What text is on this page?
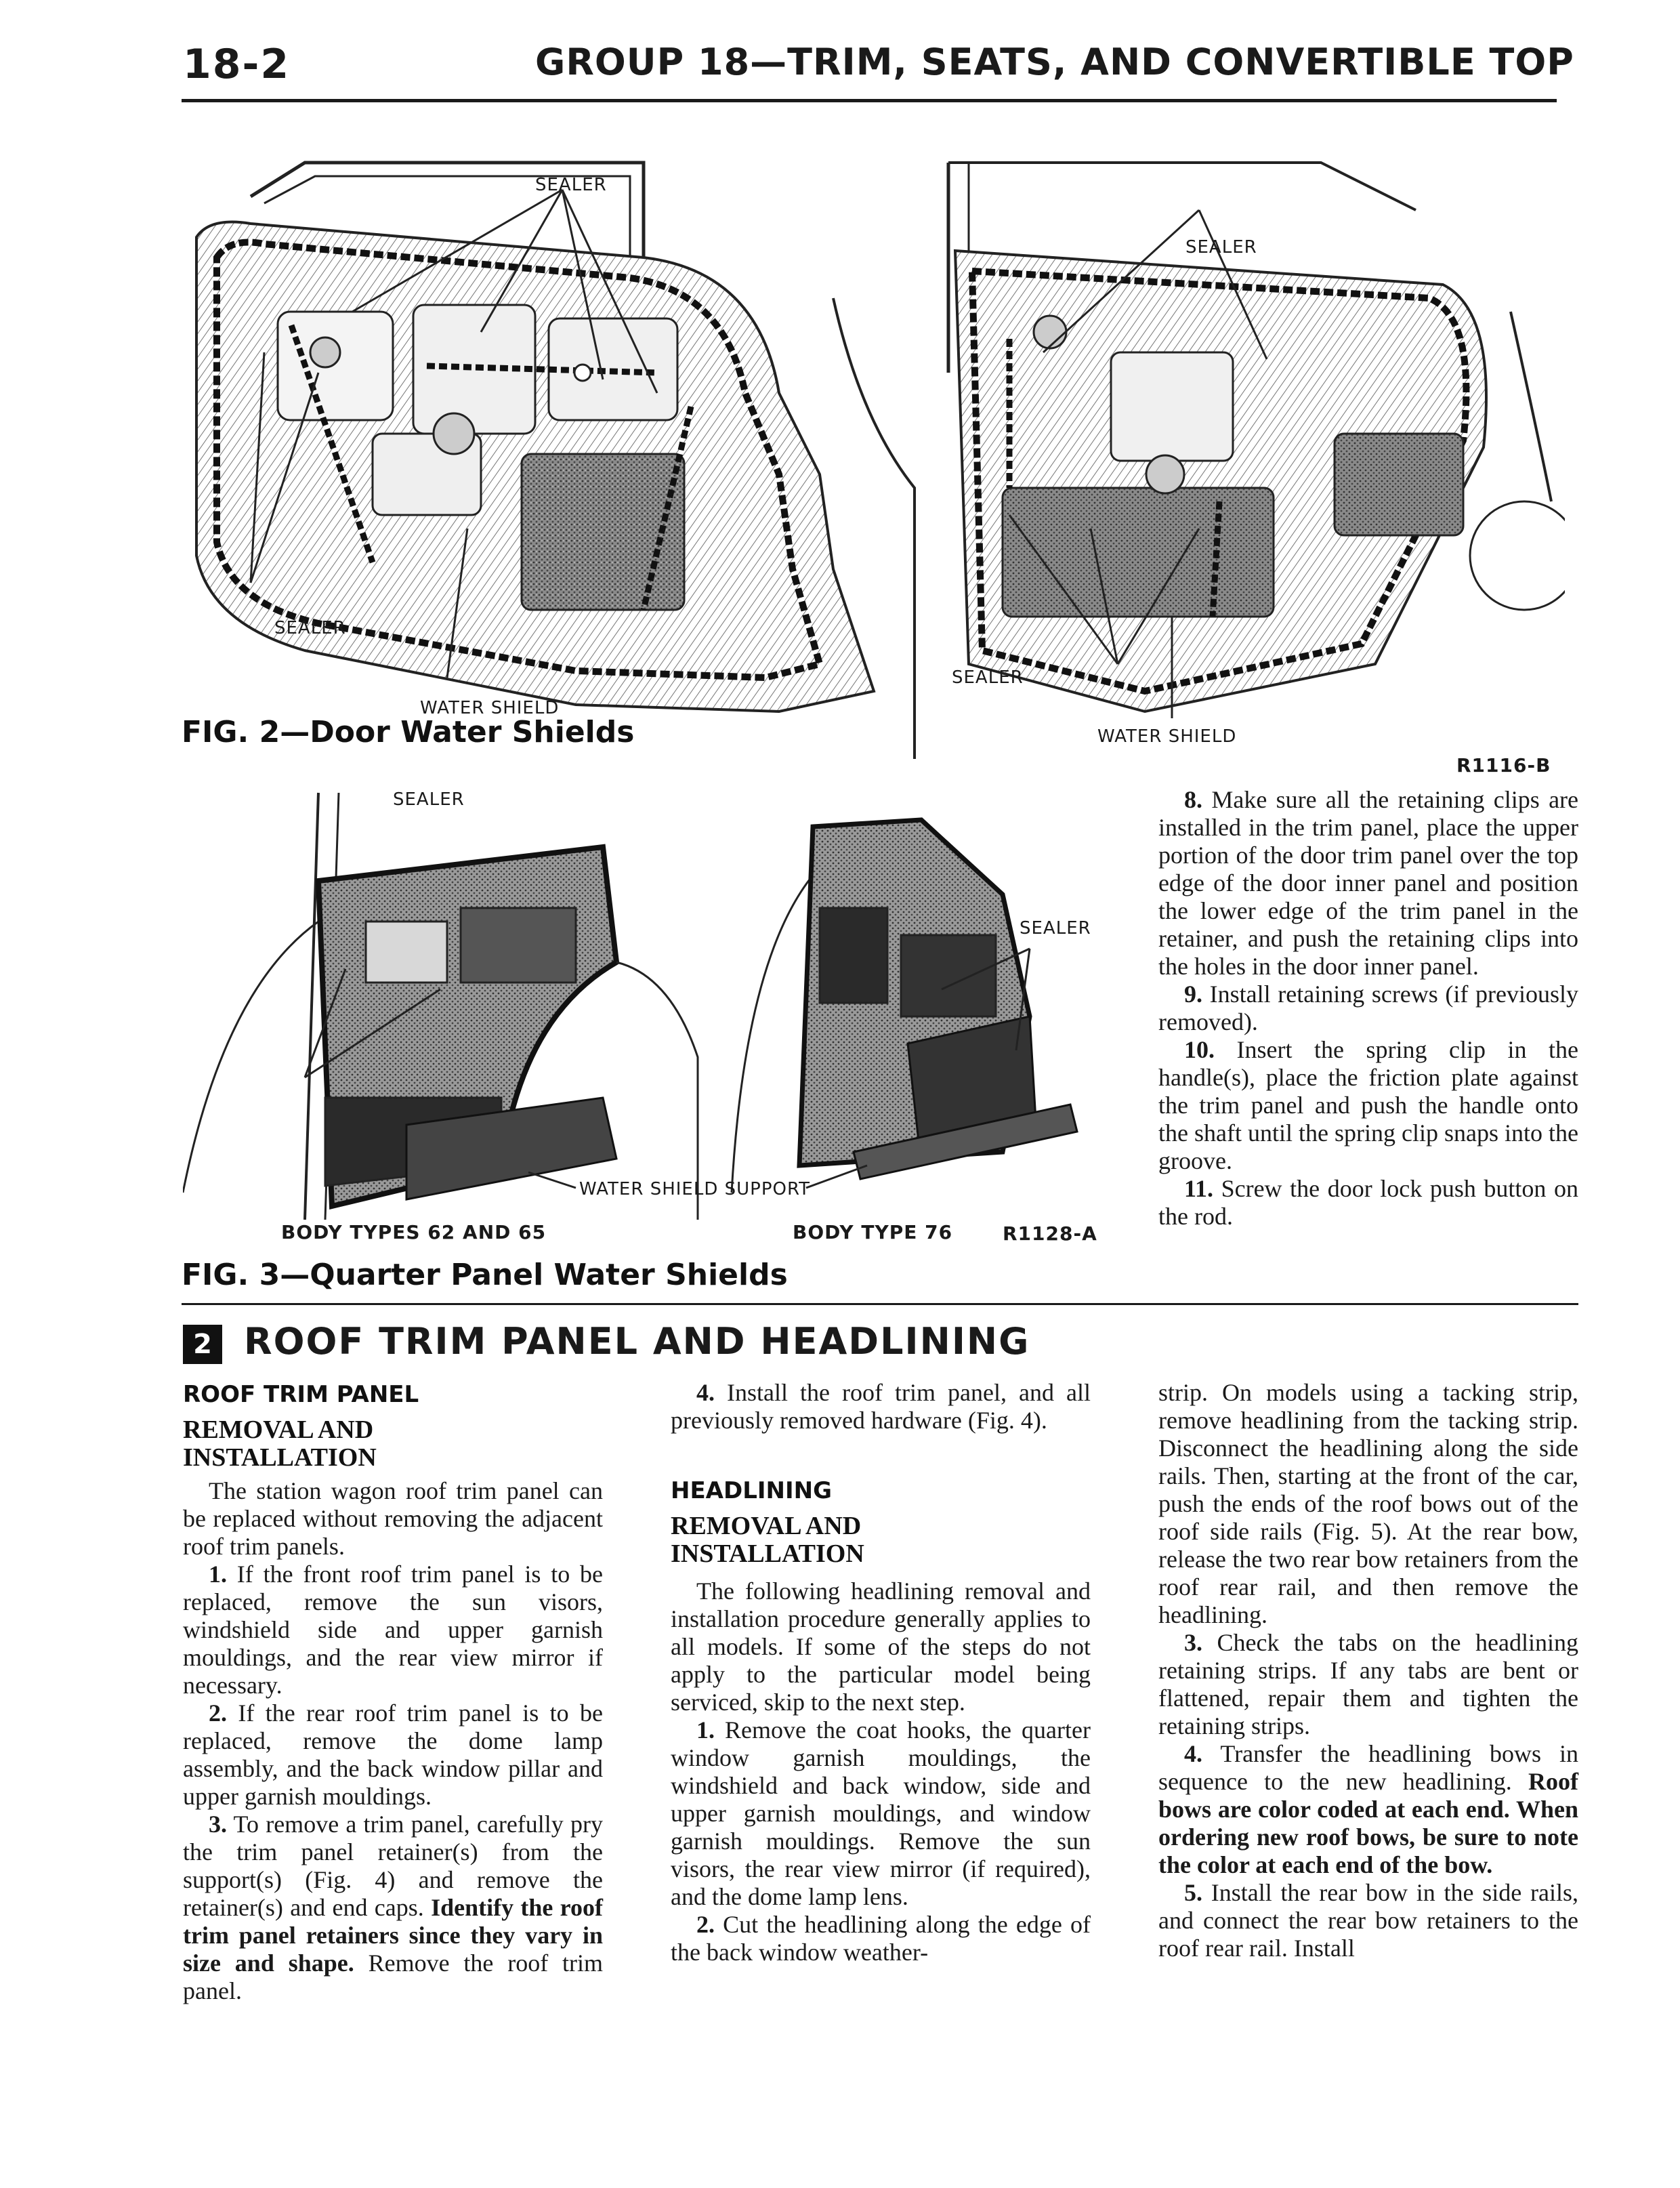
18-2	GROUP 18—TRIM, SEATS, AND CONVERTIBLE TOP
SEALER
SEALER
WATER SHIELD
SEALER
SEALER
WATER SHIELD
FIG. 2—Door Water Shields
R1116-B
SEALER
SEALER
WATER SHIELD SUPPORT
BODY TYPES 62 AND 65	BODY TYPE 76	R1128-A
FIG. 3—Quarter Panel Water Shields

8. Make sure all the retaining clips are installed in the trim panel, place the upper portion of the door trim panel over the top edge of the door inner panel and position the lower edge of the trim panel in the retainer, and push the retaining clips into the holes in the door inner panel.

9. Install retaining screws (if previously removed).

10. Insert the spring clip in the handle(s), place the friction plate against the trim panel and push the handle onto the shaft until the spring clip snaps into the groove.

11. Screw the door lock push button on the rod.

2 ROOF TRIM PANEL AND HEADLINING
ROOF TRIM PANEL
REMOVAL AND INSTALLATION

The station wagon roof trim panel can be replaced without removing the adjacent roof trim panels.

1. If the front roof trim panel is to be replaced, remove the sun visors, windshield side and upper garnish mouldings, and the rear view mirror if necessary.

2. If the rear roof trim panel is to be replaced, remove the dome lamp assembly, and the back window pillar and upper garnish mouldings.

3. To remove a trim panel, carefully pry the trim panel retainer(s) from the support(s) (Fig. 4) and remove the retainer(s) and end caps. Identify the roof trim panel retainers since they vary in size and shape. Remove the roof trim panel.

4. Install the roof trim panel, and all previously removed hardware (Fig. 4).

HEADLINING
REMOVAL AND INSTALLATION

The following headlining removal and installation procedure generally applies to all models. If some of the steps do not apply to the particular model being serviced, skip to the next step.

1. Remove the coat hooks, the quarter window garnish mouldings, the windshield and back window, side and upper garnish mouldings, and window garnish mouldings. Remove the sun visors, the rear view mirror (if required), and the dome lamp lens.

2. Cut the headlining along the edge of the back window weather-

strip. On models using a tacking strip, remove headlining from the tacking strip. Disconnect the headlining along the side rails. Then, starting at the front of the car, push the ends of the roof bows out of the roof side rails (Fig. 5). At the rear bow, release the two rear bow retainers from the roof rear rail, and then remove the headlining.

3. Check the tabs on the headlining retaining strips. If any tabs are bent or flattened, repair them and tighten the retaining strips.

4. Transfer the headlining bows in sequence to the new headlining. Roof bows are color coded at each end. When ordering new roof bows, be sure to note the color at each end of the bow.

5. Install the rear bow in the side rails, and connect the rear bow retainers to the roof rear rail. Install
